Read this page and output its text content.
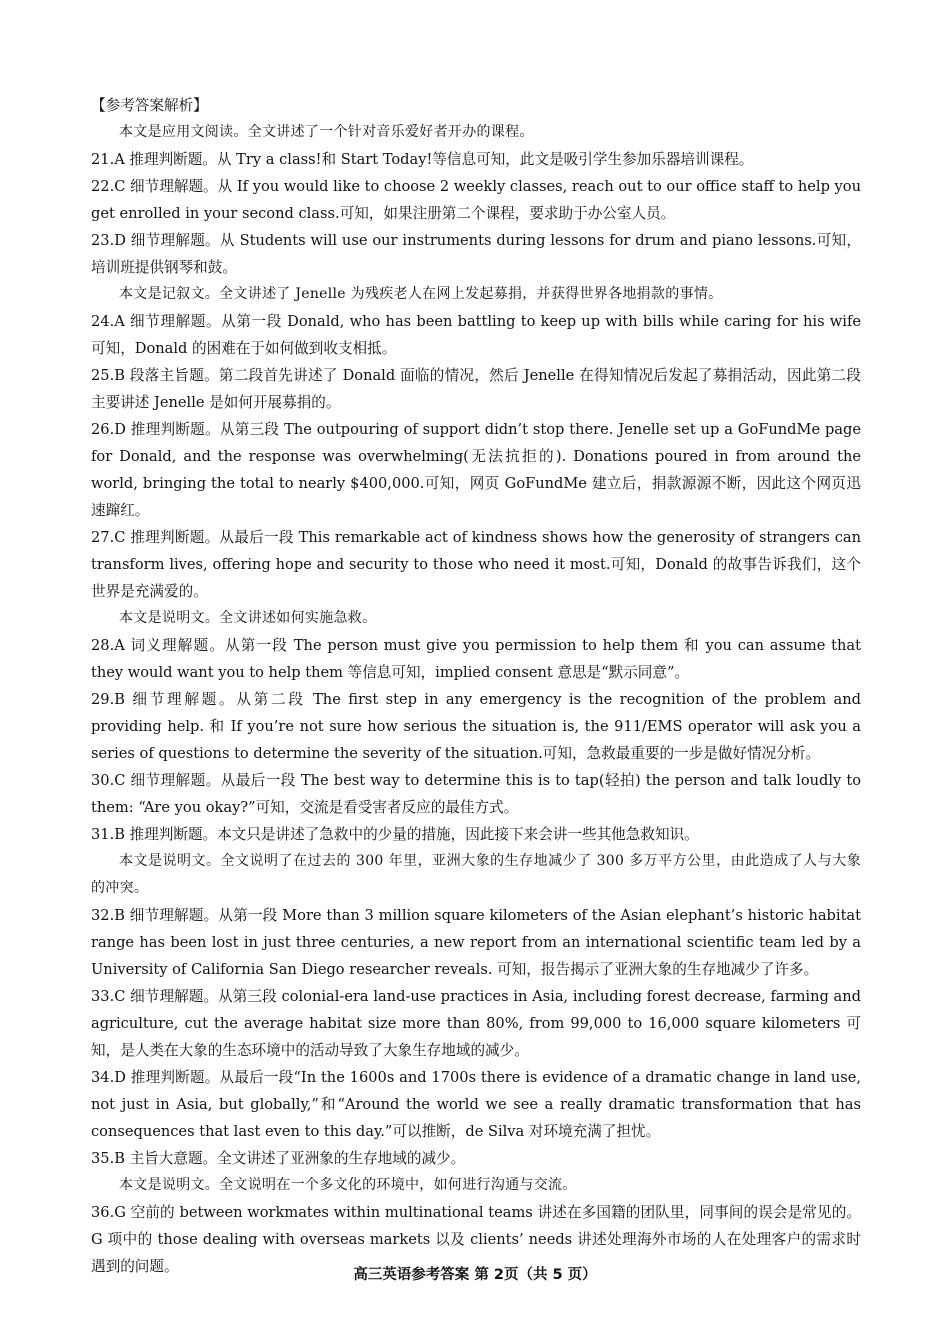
【参考答案解析】

本文是应用文阅读。全文讲述了一个针对音乐爱好者开办的课程。

21.A 推理判断题。从 Try a class!和 Start Today!等信息可知，此文是吸引学生参加乐器培训课程。

22.C 细节理解题。从 If you would like to choose 2 weekly classes, reach out to our office staff to help you get enrolled in your second class.可知，如果注册第二个课程，要求助于办公室人员。

23.D 细节理解题。从 Students will use our instruments during lessons for drum and piano lessons.可知，培训班提供钢琴和鼓。

本文是记叙文。全文讲述了 Jenelle 为残疾老人在网上发起募捐，并获得世界各地捐款的事情。

24.A 细节理解题。从第一段 Donald, who has been battling to keep up with bills while caring for his wife 可知，Donald 的困难在于如何做到收支相抵。

25.B 段落主旨题。第二段首先讲述了 Donald 面临的情况，然后 Jenelle 在得知情况后发起了募捐活动，因此第二段主要讲述 Jenelle 是如何开展募捐的。

26.D 推理判断题。从第三段 The outpouring of support didn’t stop there. Jenelle set up a GoFundMe page for Donald, and the response was overwhelming(无法抗拒的). Donations poured in from around the world, bringing the total to nearly $400,000.可知，网页 GoFundMe 建立后，捐款源源不断，因此这个网页迅速蹿红。

27.C 推理判断题。从最后一段 This remarkable act of kindness shows how the generosity of strangers can transform lives, offering hope and security to those who need it most.可知，Donald 的故事告诉我们，这个世界是充满爱的。

本文是说明文。全文讲述如何实施急救。

28.A 词义理解题。从第一段 The person must give you permission to help them 和 you can assume that they would want you to help them 等信息可知，implied consent 意思是“默示同意”。

29.B 细节理解题。从第二段 The first step in any emergency is the recognition of the problem and providing help. 和 If you’re not sure how serious the situation is, the 911/EMS operator will ask you a series of questions to determine the severity of the situation.可知，急救最重要的一步是做好情况分析。

30.C 细节理解题。从最后一段 The best way to determine this is to tap(轻拍) the person and talk loudly to them: “Are you okay?”可知，交流是看受害者反应的最佳方式。

31.B 推理判断题。本文只是讲述了急救中的少量的措施，因此接下来会讲一些其他急救知识。

本文是说明文。全文说明了在过去的 300 年里，亚洲大象的生存地减少了 300 多万平方公里，由此造成了人与大象的冲突。

32.B 细节理解题。从第一段 More than 3 million square kilometers of the Asian elephant’s historic habitat range has been lost in just three centuries, a new report from an international scientific team led by a University of California San Diego researcher reveals. 可知，报告揭示了亚洲大象的生存地减少了许多。

33.C 细节理解题。从第三段 colonial-era land-use practices in Asia, including forest decrease, farming and agriculture, cut the average habitat size more than 80%, from 99,000 to 16,000 square kilometers 可知，是人类在大象的生态环境中的活动导致了大象生存地域的减少。

34.D 推理判断题。从最后一段“In the 1600s and 1700s there is evidence of a dramatic change in land use, not just in Asia, but globally,”和“Around the world we see a really dramatic transformation that has consequences that last even to this day.”可以推断，de Silva 对环境充满了担忧。

35.B 主旨大意题。全文讲述了亚洲象的生存地域的减少。

本文是说明文。全文说明在一个多文化的环境中，如何进行沟通与交流。

36.G 空前的 between workmates within multinational teams 讲述在多国籍的团队里，同事间的误会是常见的。G 项中的 those dealing with overseas markets 以及 clients’ needs 讲述处理海外市场的人在处理客户的需求时遇到的问题。	高三英语参考答案 第 2页（共 5 页）
